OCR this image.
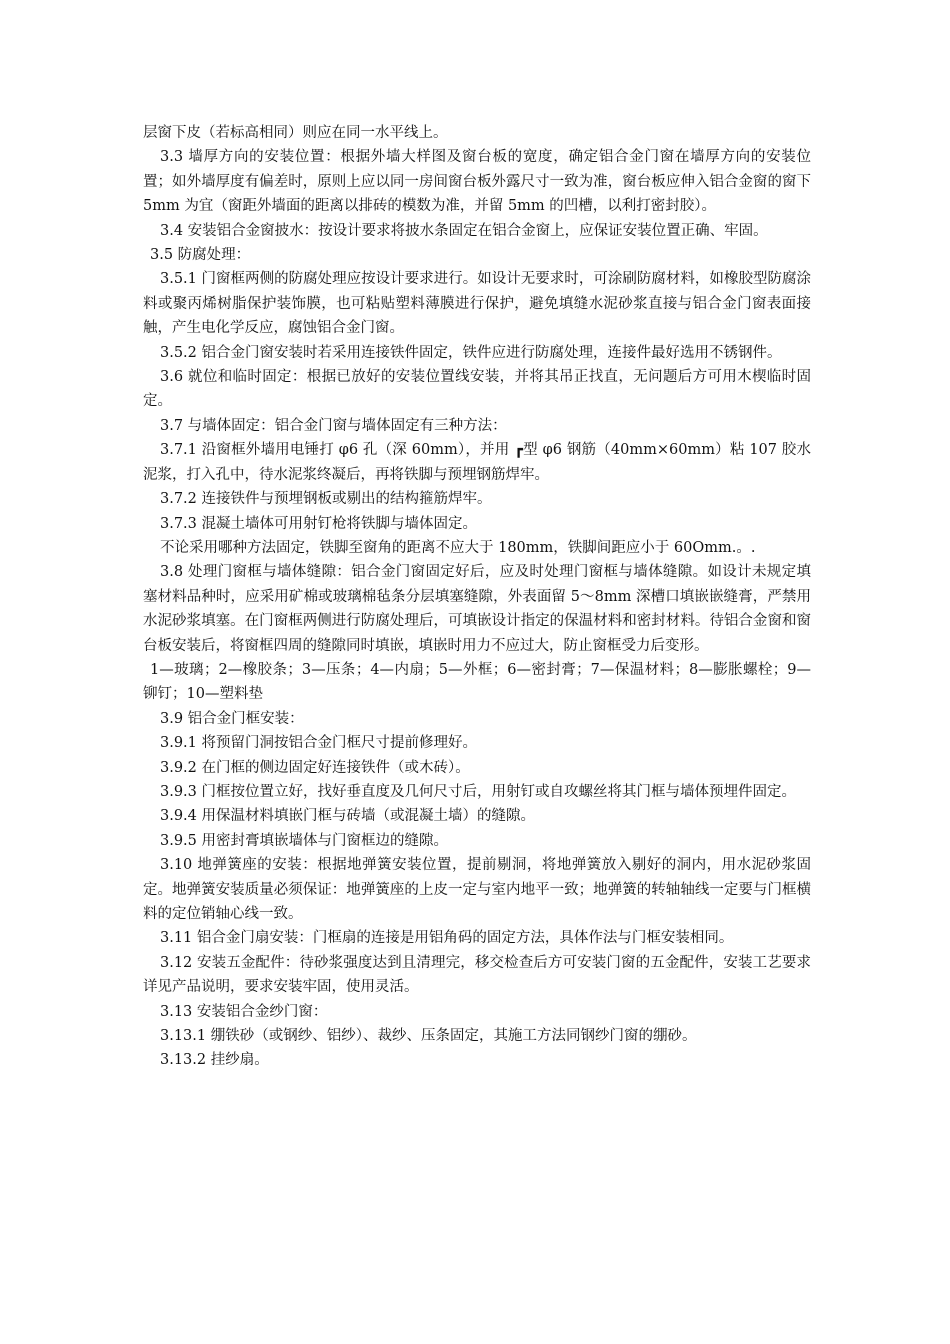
层窗下皮（若标高相同）则应在同一水平线上。

3.3 墙厚方向的安装位置：根据外墙大样图及窗台板的宽度，确定铝合金门窗在墙厚方向的安装位置；如外墙厚度有偏差时，原则上应以同一房间窗台板外露尺寸一致为准，窗台板应伸入铝合金窗的窗下 5mm 为宜（窗距外墙面的距离以排砖的模数为准，并留 5mm 的凹槽，以利打密封胶）。

3.4 安装铝合金窗披水：按设计要求将披水条固定在铝合金窗上，应保证安装位置正确、牢固。

3.5 防腐处理：

3.5.1 门窗框两侧的防腐处理应按设计要求进行。如设计无要求时，可涂刷防腐材料，如橡胶型防腐涂料或聚丙烯树脂保护装饰膜，也可粘贴塑料薄膜进行保护，避免填缝水泥砂浆直接与铝合金门窗表面接触，产生电化学反应，腐蚀铝合金门窗。

3.5.2 铝合金门窗安装时若采用连接铁件固定，铁件应进行防腐处理，连接件最好选用不锈钢件。

3.6 就位和临时固定：根据已放好的安装位置线安装，并将其吊正找直，无问题后方可用木楔临时固定。

3.7 与墙体固定：铝合金门窗与墙体固定有三种方法：

3.7.1 沿窗框外墙用电锤打 φ6 孔（深 60mm），并用 ┏型 φ6 钢筋（40mm×60mm）粘 107 胶水泥浆，打入孔中，待水泥浆终凝后，再将铁脚与预埋钢筋焊牢。

3.7.2 连接铁件与预埋钢板或剔出的结构箍筋焊牢。

3.7.3 混凝土墙体可用射钉枪将铁脚与墙体固定。

不论采用哪种方法固定，铁脚至窗角的距离不应大于 180mm，铁脚间距应小于 60Omm.。.

3.8 处理门窗框与墙体缝隙：铝合金门窗固定好后，应及时处理门窗框与墙体缝隙。如设计未规定填塞材料品种时，应采用矿棉或玻璃棉毡条分层填塞缝隙，外表面留 5～8mm 深槽口填嵌嵌缝膏，严禁用水泥砂浆填塞。在门窗框两侧进行防腐处理后，可填嵌设计指定的保温材料和密封材料。待铝合金窗和窗台板安装后，将窗框四周的缝隙同时填嵌，填嵌时用力不应过大，防止窗框受力后变形。

1—玻璃；2—橡胶条；3—压条；4—内扇；5—外框；6—密封膏；7—保温材料；8—膨胀螺栓；9—铆钉；10—塑料垫

3.9 铝合金门框安装：

3.9.1 将预留门洞按铝合金门框尺寸提前修理好。

3.9.2 在门框的侧边固定好连接铁件（或木砖）。

3.9.3 门框按位置立好，找好垂直度及几何尺寸后，用射钉或自攻螺丝将其门框与墙体预埋件固定。

3.9.4 用保温材料填嵌门框与砖墙（或混凝土墙）的缝隙。

3.9.5 用密封膏填嵌墙体与门窗框边的缝隙。

3.10 地弹簧座的安装：根据地弹簧安装位置，提前剔洞，将地弹簧放入剔好的洞内，用水泥砂浆固定。地弹簧安装质量必须保证：地弹簧座的上皮一定与室内地平一致；地弹簧的转轴轴线一定要与门框横料的定位销轴心线一致。

3.11 铝合金门扇安装：门框扇的连接是用铝角码的固定方法，具体作法与门框安装相同。

3.12 安装五金配件：待砂浆强度达到且清理完，移交检查后方可安装门窗的五金配件，安装工艺要求详见产品说明，要求安装牢固，使用灵活。

3.13 安装铝合金纱门窗：

3.13.1 绷铁砂（或钢纱、铝纱）、裁纱、压条固定，其施工方法同钢纱门窗的绷砂。

3.13.2 挂纱扇。
